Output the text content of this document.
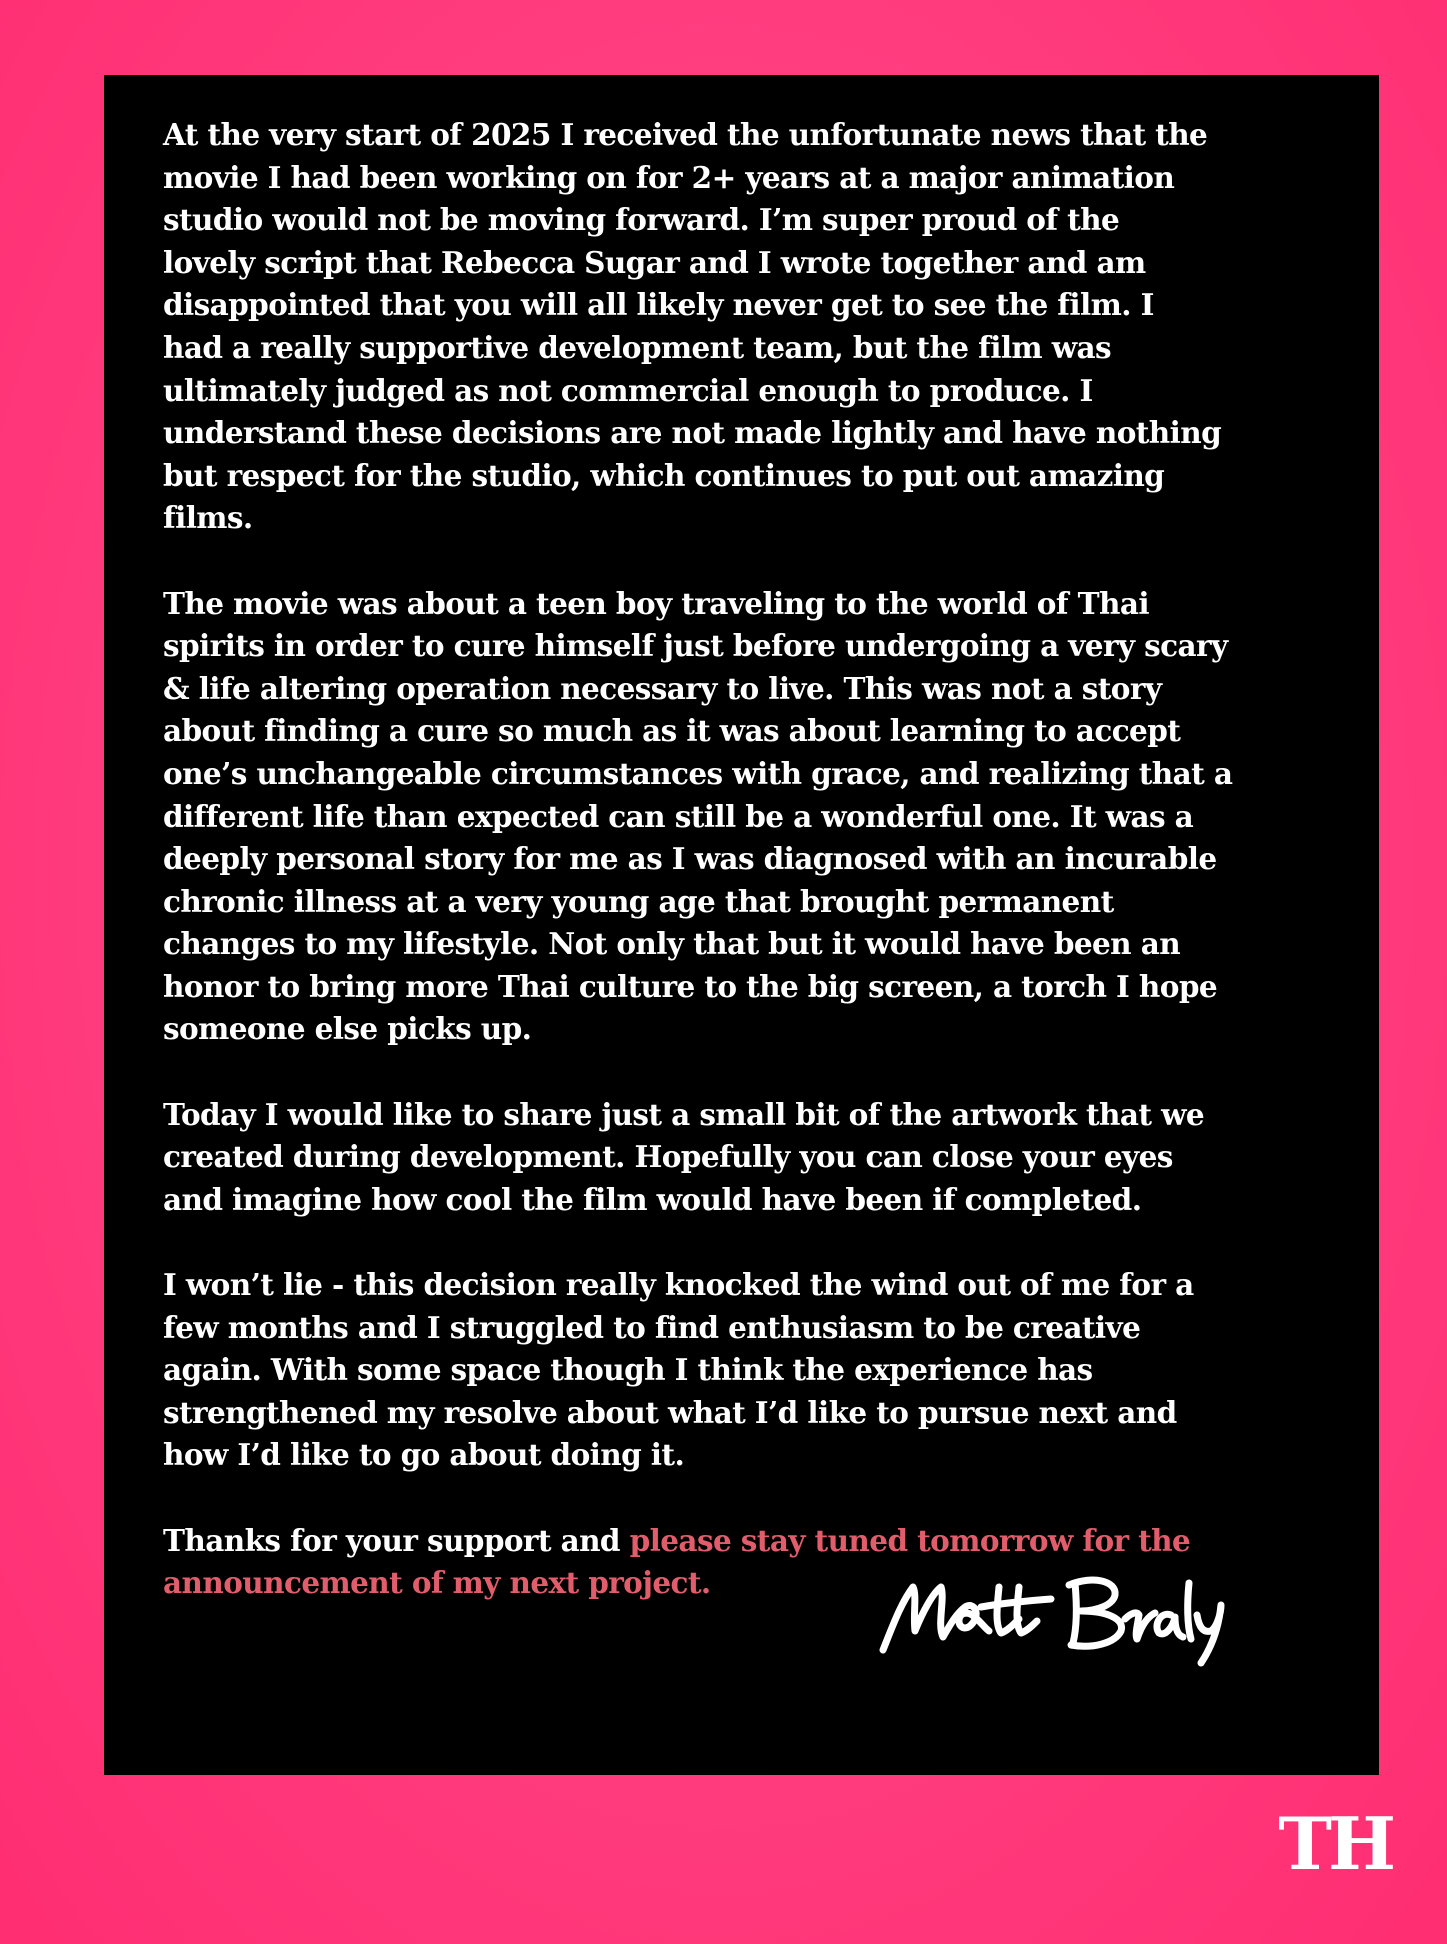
At the very start of 2025 I received the unfortunate news that the
movie I had been working on for 2+ years at a major animation
studio would not be moving forward. I’m super proud of the
lovely script that Rebecca Sugar and I wrote together and am
disappointed that you will all likely never get to see the film. I
had a really supportive development team, but the film was
ultimately judged as not commercial enough to produce. I
understand these decisions are not made lightly and have nothing
but respect for the studio, which continues to put out amazing
films.

The movie was about a teen boy traveling to the world of Thai
spirits in order to cure himself just before undergoing a very scary
& life altering operation necessary to live. This was not a story
about finding a cure so much as it was about learning to accept
one’s unchangeable circumstances with grace, and realizing that a
different life than expected can still be a wonderful one. It was a
deeply personal story for me as I was diagnosed with an incurable
chronic illness at a very young age that brought permanent
changes to my lifestyle. Not only that but it would have been an
honor to bring more Thai culture to the big screen, a torch I hope
someone else picks up.

Today I would like to share just a small bit of the artwork that we
created during development. Hopefully you can close your eyes
and imagine how cool the film would have been if completed.

I won’t lie - this decision really knocked the wind out of me for a
few months and I struggled to find enthusiasm to be creative
again. With some space though I think the experience has
strengthened my resolve about what I’d like to pursue next and
how I’d like to go about doing it.

Thanks for your support and please stay tuned tomorrow for the
announcement of my next project.

TH
